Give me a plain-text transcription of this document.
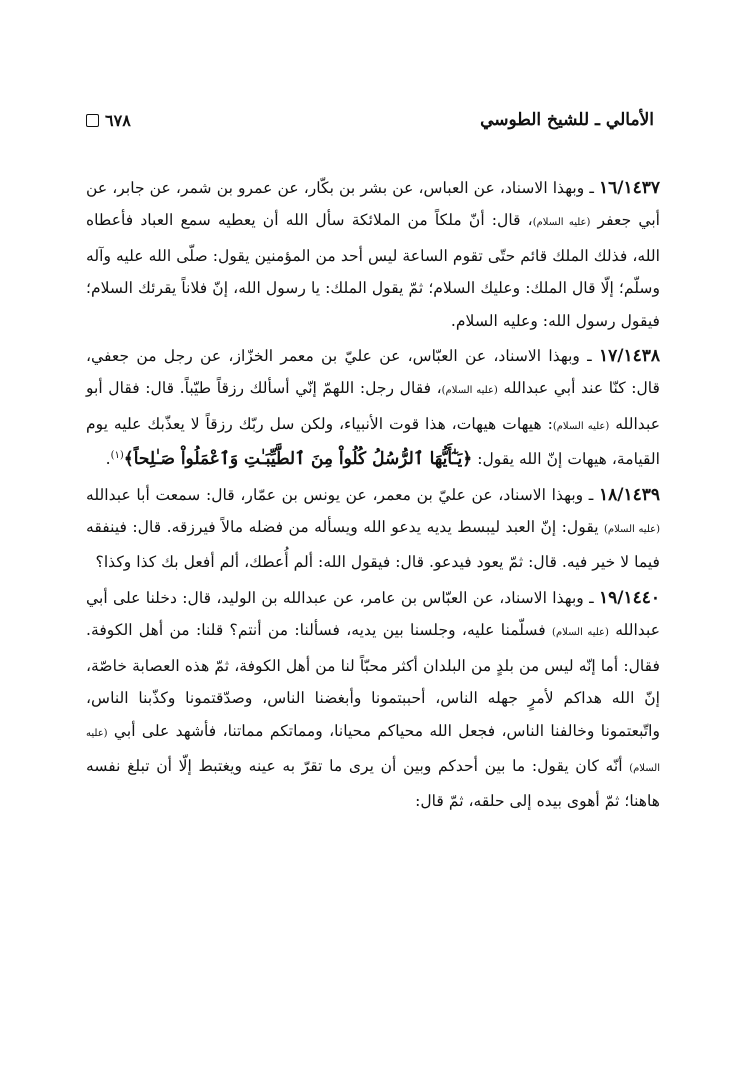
الأمالي ـ للشيخ الطوسي
٦٧٨

١٦/١٤٣٧ ـ وبهذا الاسناد، عن العباس، عن بشر بن بكّار، عن عمرو بن شمر، عن جابر، عن أبي جعفر (عليه السلام)، قال: أنّ ملكاً من الملائكة سأل الله أن يعطيه سمع العباد فأعطاه الله، فذلك الملك قائم حتّى تقوم الساعة ليس أحد من المؤمنين يقول: صلّى الله عليه وآله وسلّم؛ إلّا قال الملك: وعليك السلام؛ ثمّ يقول الملك: يا رسول الله، إنّ فلاناً يقرئك السلام؛ فيقول رسول الله: وعليه السلام.

١٧/١٤٣٨ ـ وبهذا الاسناد، عن العبّاس، عن عليّ بن معمر الخزّاز، عن رجل من جعفي، قال: كنّا عند أبي عبدالله (عليه السلام)، فقال رجل: اللهمّ إنّي أسألك رزقاً طيّباً. قال: فقال أبو عبدالله (عليه السلام): هيهات هيهات، هذا قوت الأنبياء، ولكن سل ربّك رزقاً لا يعذّبك عليه يوم القيامة، هيهات إنّ الله يقول: ﴿يَـٰٓأَيُّهَا ٱلرُّسُلُ كُلُواْ مِنَ ٱلطَّيِّبَـٰتِ وَٱعْمَلُواْ صَـٰلِحاً﴾$^{(١)}$.

١٨/١٤٣٩ ـ وبهذا الاسناد، عن عليّ بن معمر، عن يونس بن عمّار، قال: سمعت أبا عبدالله (عليه السلام) يقول: إنّ العبد ليبسط يديه يدعو الله ويسأله من فضله مالاً فيرزقه. قال: فينفقه فيما لا خير فيه. قال: ثمّ يعود فيدعو. قال: فيقول الله: ألم أُعطك، ألم أفعل بك كذا وكذا؟

١٩/١٤٤٠ ـ وبهذا الاسناد، عن العبّاس بن عامر، عن عبدالله بن الوليد، قال: دخلنا على أبي عبدالله (عليه السلام) فسلّمنا عليه، وجلسنا بين يديه، فسألنا: من أنتم؟ قلنا: من أهل الكوفة. فقال: أما إنّه ليس من بلدٍ من البلدان أكثر محبّاً لنا من أهل الكوفة، ثمّ هذه العصابة خاصّة، إنّ الله هداكم لأمرٍ جهله الناس، أحببتمونا وأبغضنا الناس، وصدّقتمونا وكذّبنا الناس، واتّبعتمونا وخالفنا الناس، فجعل الله محياكم محيانا، ومماتكم مماتنا، فأشهد على أبي (عليه السلام) أنّه كان يقول: ما بين أحدكم وبين أن يرى ما تقرّ به عينه ويغتبط إلّا أن تبلغ نفسه هاهنا؛ ثمّ أهوى بيده إلى حلقه، ثمّ قال:
